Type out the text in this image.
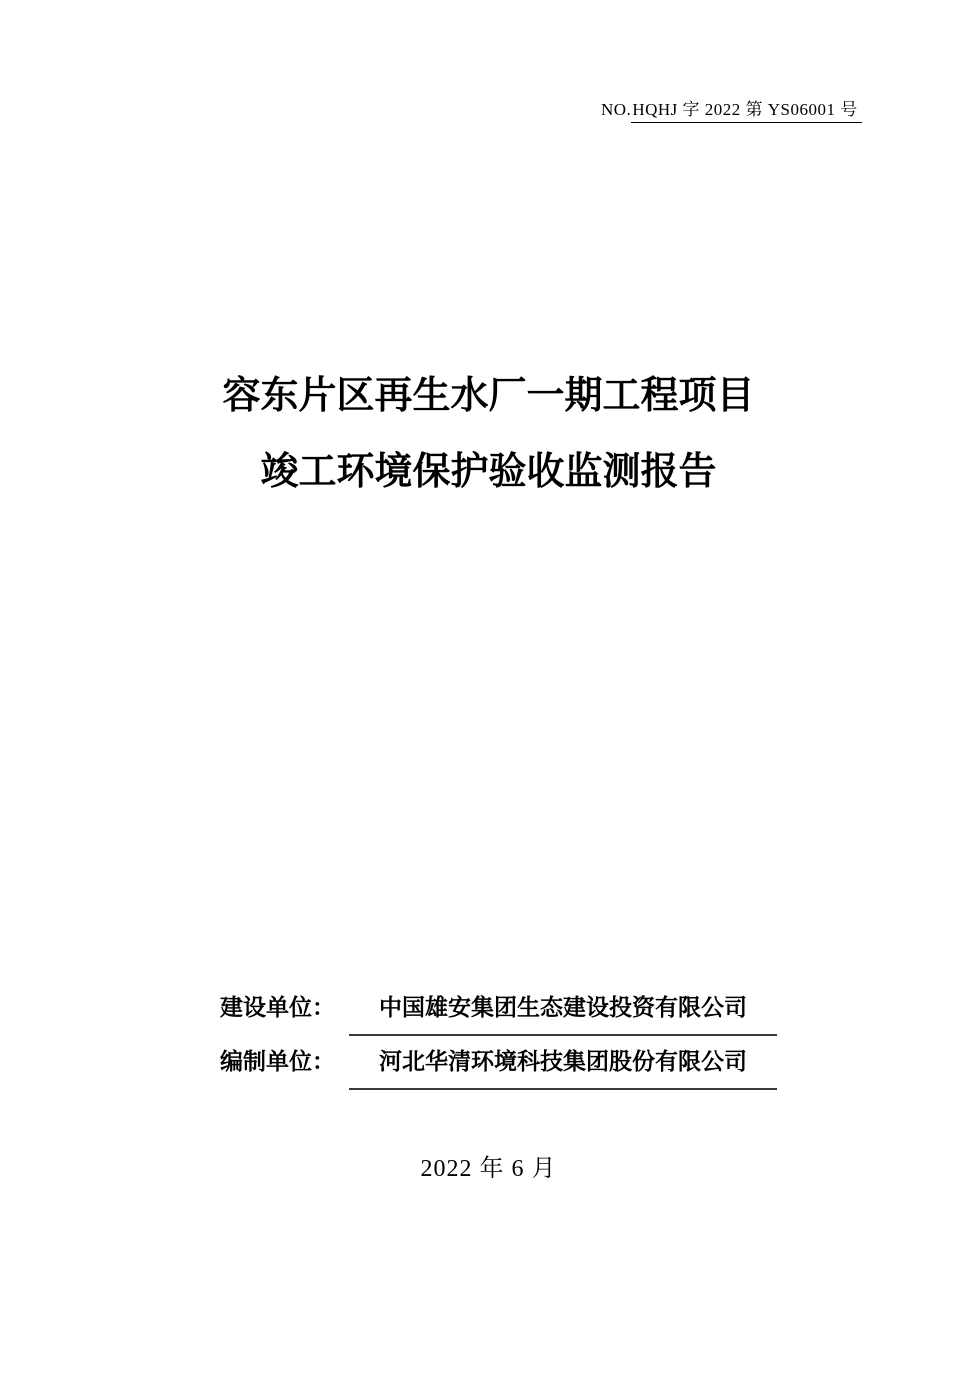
NO.HQHJ 字 2022 第 YS06001 号
容东片区再生水厂一期工程项目
竣工环境保护验收监测报告
建设单位：	中国雄安集团生态建设投资有限公司
编制单位：	河北华清环境科技集团股份有限公司
2022 年 6 月
